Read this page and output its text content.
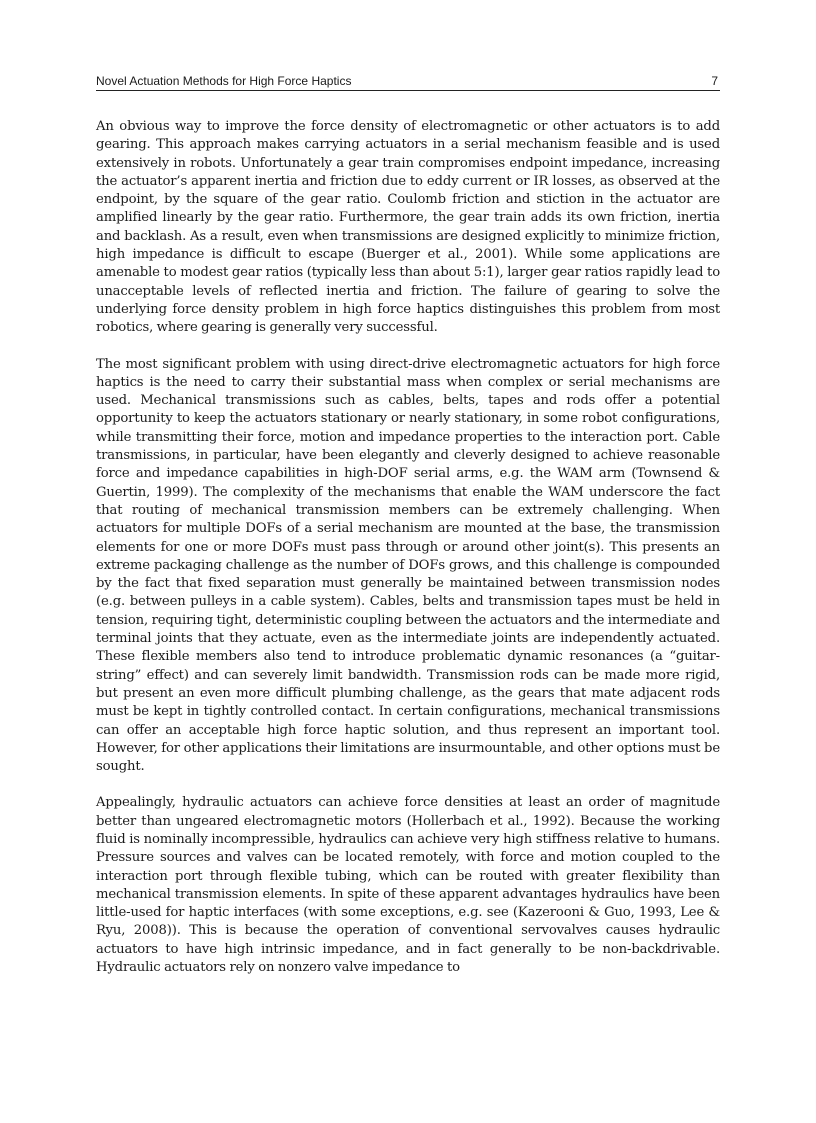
Novel Actuation Methods for High Force Haptics	7

An obvious way to improve the force density of electromagnetic or other actuators is to add gearing. This approach makes carrying actuators in a serial mechanism feasible and is used extensively in robots. Unfortunately a gear train compromises endpoint impedance, increasing the actuator’s apparent inertia and friction due to eddy current or IR losses, as observed at the endpoint, by the square of the gear ratio. Coulomb friction and stiction in the actuator are amplified linearly by the gear ratio. Furthermore, the gear train adds its own friction, inertia and backlash. As a result, even when transmissions are designed explicitly to minimize friction, high impedance is difficult to escape (Buerger et al., 2001). While some applications are amenable to modest gear ratios (typically less than about 5:1), larger gear ratios rapidly lead to unacceptable levels of reflected inertia and friction. The failure of gearing to solve the underlying force density problem in high force haptics distinguishes this problem from most robotics, where gearing is generally very successful.

The most significant problem with using direct-drive electromagnetic actuators for high force haptics is the need to carry their substantial mass when complex or serial mechanisms are used. Mechanical transmissions such as cables, belts, tapes and rods offer a potential opportunity to keep the actuators stationary or nearly stationary, in some robot configurations, while transmitting their force, motion and impedance properties to the interaction port. Cable transmissions, in particular, have been elegantly and cleverly designed to achieve reasonable force and impedance capabilities in high-DOF serial arms, e.g. the WAM arm (Townsend & Guertin, 1999). The complexity of the mechanisms that enable the WAM underscore the fact that routing of mechanical transmission members can be extremely challenging. When actuators for multiple DOFs of a serial mechanism are mounted at the base, the transmission elements for one or more DOFs must pass through or around other joint(s). This presents an extreme packaging challenge as the number of DOFs grows, and this challenge is compounded by the fact that fixed separation must generally be maintained between transmission nodes (e.g. between pulleys in a cable system). Cables, belts and transmission tapes must be held in tension, requiring tight, deterministic coupling between the actuators and the intermediate and terminal joints that they actuate, even as the intermediate joints are independently actuated. These flexible members also tend to introduce problematic dynamic resonances (a “guitar-string” effect) and can severely limit bandwidth. Transmission rods can be made more rigid, but present an even more difficult plumbing challenge, as the gears that mate adjacent rods must be kept in tightly controlled contact. In certain configurations, mechanical transmissions can offer an acceptable high force haptic solution, and thus represent an important tool. However, for other applications their limitations are insurmountable, and other options must be sought.

Appealingly, hydraulic actuators can achieve force densities at least an order of magnitude better than ungeared electromagnetic motors (Hollerbach et al., 1992). Because the working fluid is nominally incompressible, hydraulics can achieve very high stiffness relative to humans. Pressure sources and valves can be located remotely, with force and motion coupled to the interaction port through flexible tubing, which can be routed with greater flexibility than mechanical transmission elements. In spite of these apparent advantages hydraulics have been little-used for haptic interfaces (with some exceptions, e.g. see (Kazerooni & Guo, 1993, Lee & Ryu, 2008)). This is because the operation of conventional servovalves causes hydraulic actuators to have high intrinsic impedance, and in fact generally to be non-backdrivable. Hydraulic actuators rely on nonzero valve impedance to
